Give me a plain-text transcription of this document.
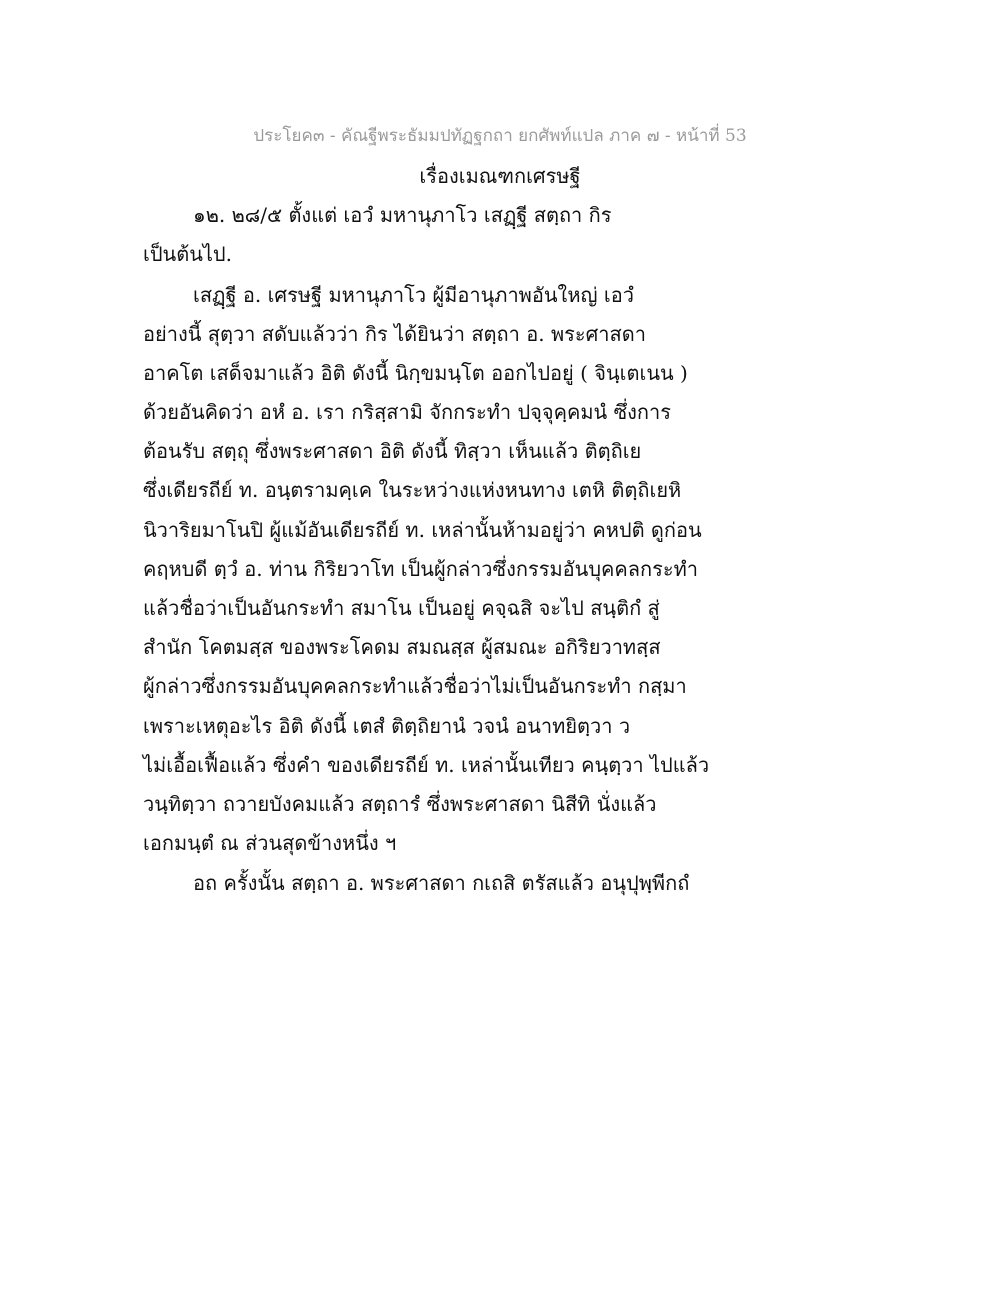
ประโยค๓ - คัณฐีพระธัมมปทัฏฐกถา ยกศัพท์แปล ภาค ๗ - หน้าที่ 53
เรื่องเมณฑกเศรษฐี
๑๒. ๒๘/๕ ตั้งแต่ เอวํ มหานุภาโว เสฏฺฐี สตฺถา กิร
เป็นต้นไป.
เสฏฺฐี อ. เศรษฐี มหานุภาโว ผู้มีอานุภาพอันใหญ่ เอวํ
อย่างนี้ สุตฺวา สดับแล้วว่า กิร ได้ยินว่า สตฺถา อ. พระศาสดา
อาคโต เสด็จมาแล้ว อิติ ดังนี้ นิกฺขมนฺโต ออกไปอยู่ ( จินฺเตเนน )
ด้วยอันคิดว่า อหํ อ. เรา กริสฺสามิ จักกระทำ ปจฺจุคฺคมนํ ซึ่งการ
ต้อนรับ สตฺถุ ซึ่งพระศาสดา อิติ ดังนี้ ทิสฺวา เห็นแล้ว ติตฺถิเย
ซึ่งเดียรถีย์ ท. อนฺตรามคฺเค ในระหว่างแห่งหนทาง เตหิ ติตฺถิเยหิ
นิวาริยมาโนปิ ผู้แม้อันเดียรถีย์ ท. เหล่านั้นห้ามอยู่ว่า คหปติ ดูก่อน
คฤหบดี ตฺวํ อ. ท่าน กิริยวาโท เป็นผู้กล่าวซึ่งกรรมอันบุคคลกระทำ
แล้วชื่อว่าเป็นอันกระทำ สมาโน เป็นอยู่ คจฺฉสิ จะไป สนฺติกํ สู่
สำนัก โคตมสฺส ของพระโคดม สมณสฺส ผู้สมณะ อกิริยวาทสฺส
ผู้กล่าวซึ่งกรรมอันบุคคลกระทำแล้วชื่อว่าไม่เป็นอันกระทำ กสฺมา
เพราะเหตุอะไร อิติ ดังนี้ เตสํ ติตฺถิยานํ วจนํ อนาทยิตฺวา ว
ไม่เอื้อเฟื้อแล้ว ซึ่งคำ ของเดียรถีย์ ท. เหล่านั้นเทียว คนฺตฺวา ไปแล้ว
วนฺทิตฺวา ถวายบังคมแล้ว สตฺถารํ ซึ่งพระศาสดา นิสีทิ นั่งแล้ว
เอกมนฺตํ ณ ส่วนสุดข้างหนึ่ง ฯ
อถ ครั้งนั้น สตฺถา อ. พระศาสดา กเถสิ ตรัสแล้ว อนุปุพฺพีกถํ
